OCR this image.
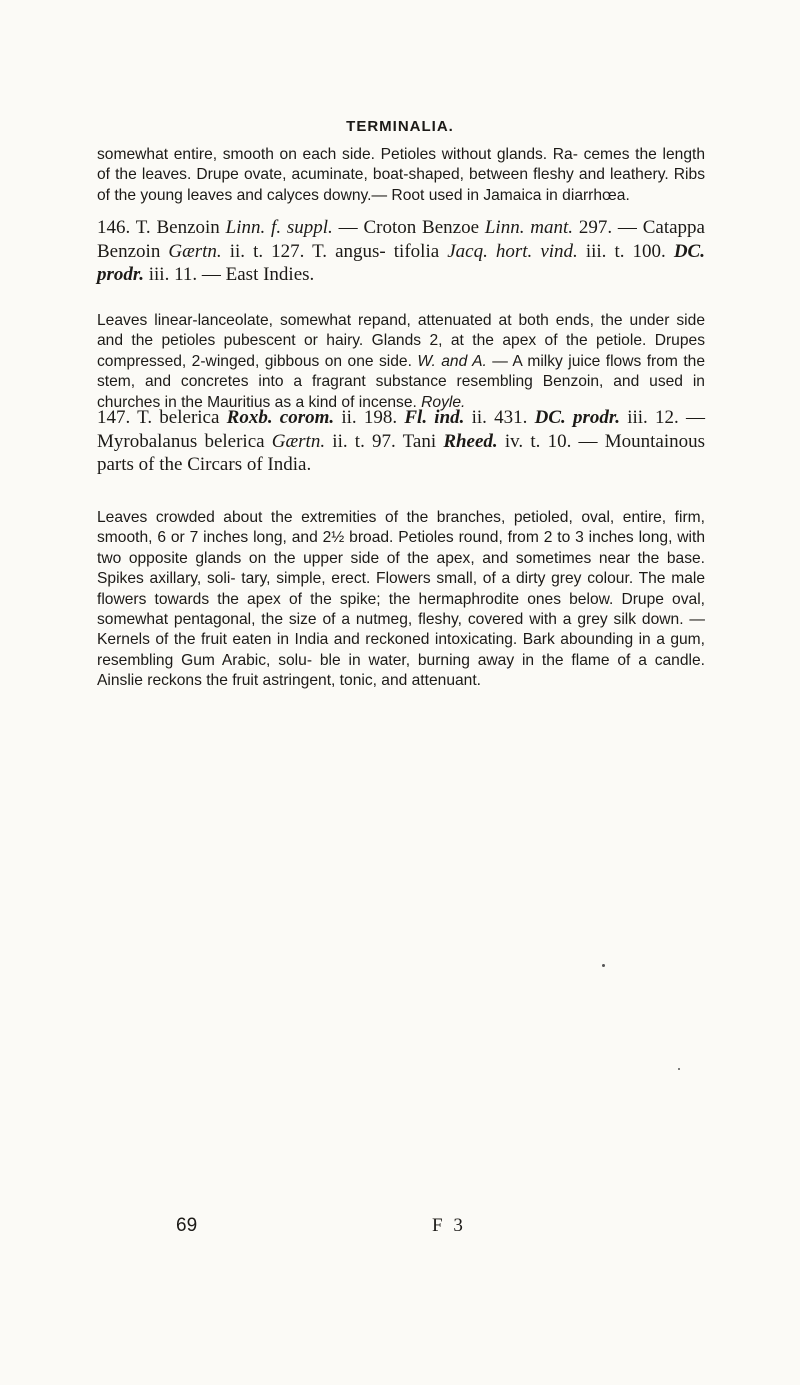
TERMINALIA.

somewhat entire, smooth on each side. Petioles without glands. Ra- cemes the length of the leaves. Drupe ovate, acuminate, boat-shaped, between fleshy and leathery. Ribs of the young leaves and calyces downy.— Root used in Jamaica in diarrhœa.

146. T. Benzoin Linn. f. suppl. — Croton Benzoe Linn. mant. 297. — Catappa Benzoin Gærtn. ii. t. 127. T. angus- tifolia Jacq. hort. vind. iii. t. 100. DC. prodr. iii. 11. — East Indies.

Leaves linear-lanceolate, somewhat repand, attenuated at both ends, the under side and the petioles pubescent or hairy. Glands 2, at the apex of the petiole. Drupes compressed, 2-winged, gibbous on one side. W. and A. — A milky juice flows from the stem, and concretes into a fragrant substance resembling Benzoin, and used in churches in the Mauritius as a kind of incense. Royle.

147. T. belerica Roxb. corom. ii. 198. Fl. ind. ii. 431. DC. prodr. iii. 12. — Myrobalanus belerica Gærtn. ii. t. 97. Tani Rheed. iv. t. 10. — Mountainous parts of the Circars of India.

Leaves crowded about the extremities of the branches, petioled, oval, entire, firm, smooth, 6 or 7 inches long, and 2½ broad. Petioles round, from 2 to 3 inches long, with two opposite glands on the upper side of the apex, and sometimes near the base. Spikes axillary, soli- tary, simple, erect. Flowers small, of a dirty grey colour. The male flowers towards the apex of the spike; the hermaphrodite ones below. Drupe oval, somewhat pentagonal, the size of a nutmeg, fleshy, covered with a grey silk down. — Kernels of the fruit eaten in India and reckoned intoxicating. Bark abounding in a gum, resembling Gum Arabic, solu- ble in water, burning away in the flame of a candle. Ainslie reckons the fruit astringent, tonic, and attenuant.

69	F 3
